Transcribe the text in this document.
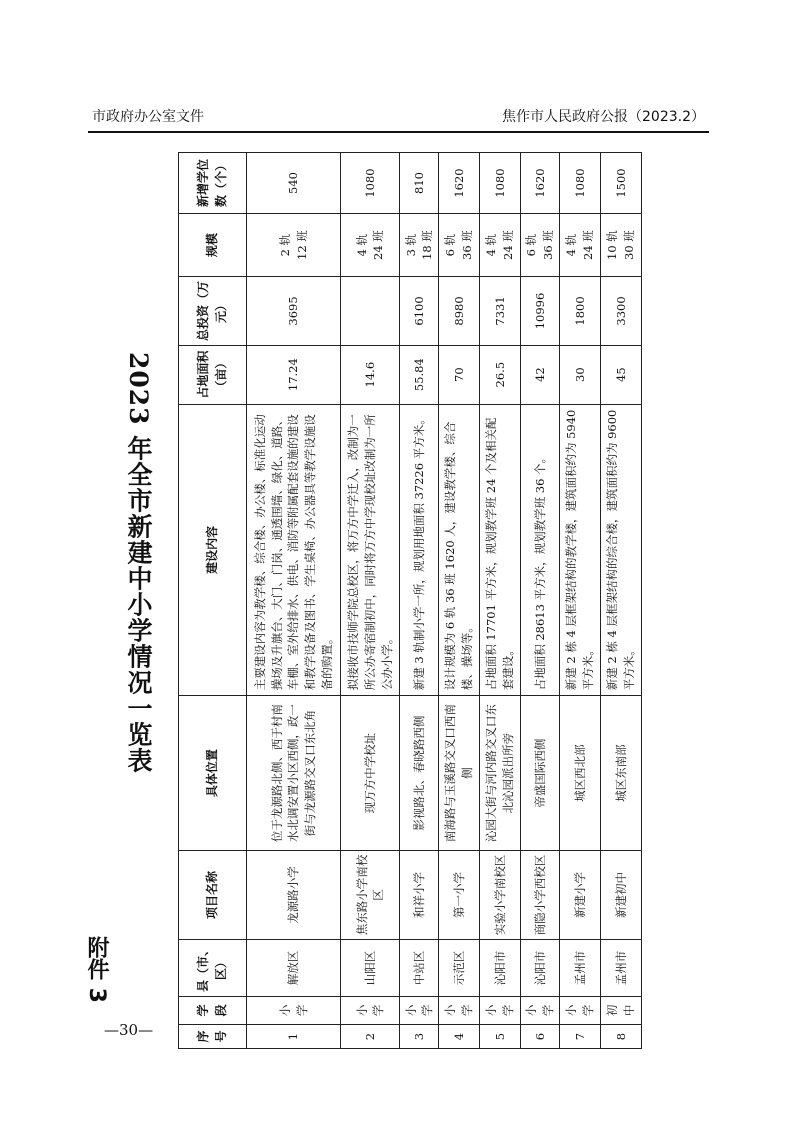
市政府办公室文件	焦作市人民政府公报（2023.2）
2023 年全市新建中小学情况一览表
附件 3
—30—	序号	学段	县（市、区）	项目名称	具体位置	建设内容	占地面积（亩）	总投资（万元）	规模	新增学位数（个）
1	小学	解放区	龙源路小学	位于龙源路北侧、西于村南水北调安置小区西侧，政一街与龙源路交叉口东北角	主要建设内容为教学楼、综合楼、办公楼、标准化运动操场及升旗台、大门、门岗、通透围墙、绿化、道路、车棚、室外给排水、供电、消防等附属配套设施的建设和教学设备及图书、学生桌椅、办公器具等教学设施设备的购置。	17.24	3695	2 轨
12 班	540
2	小学	山阳区	焦东路小学南校区	现万方中学校址	拟接收市技师学院总校区，将万方中学迁入，改制为一所公办寄宿制初中，同时将万方中学现校址改制为一所公办小学。	14.6		4 轨
24 班	1080
3	小学	中站区	和祥小学	影视路北、春晓路西侧	新建 3 轨制小学一所，规划用地面积 37226 平方米。	55.84	6100	3 轨
18 班	810
4	小学	示范区	第一小学	南海路与玉溪路交叉口西南侧	设计规模为 6 轨 36 班 1620 人，建设教学楼、综合楼、操场等。	70	8980	6 轨
36 班	1620
5	小学	沁阳市	实验小学南校区	沁园大街与河内路交叉口东北沁园派出所旁	占地面积 17701 平方米，规划教学班 24 个及相关配套建设。	26.5	7331	4 轨
24 班	1080
6	小学	沁阳市	商隐小学西校区	帝盛国际西侧	占地面积 28613 平方米，规划教学班 36 个。	42	10996	6 轨
36 班	1620
7	小学	孟州市	新建小学	城区西北部	新建 2 栋 4 层框架结构的教学楼，建筑面积约为 5940 平方米。	30	1800	4 轨
24 班	1080
8	初中	孟州市	新建初中	城区东南部	新建 2 栋 4 层框架结构的综合楼，建筑面积约为 9600 平方米。	45	3300	10 轨
30 班	1500
